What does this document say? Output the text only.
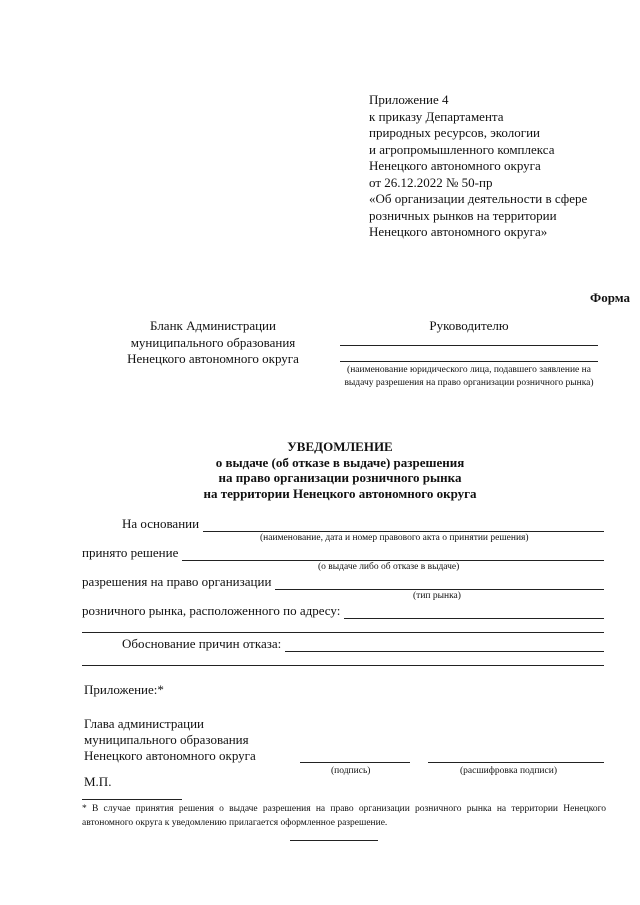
Приложение 4
к приказу Департамента
природных ресурсов, экологии
и агропромышленного комплекса
Ненецкого автономного округа
от 26.12.2022 № 50-пр
«Об организации деятельности в сфере
розничных рынков на территории
Ненецкого автономного округа»
Форма
Бланк Администрации
муниципального образования
Ненецкого автономного округа
Руководителю
(наименование юридического лица, подавшего заявление на выдачу разрешения на право организации розничного рынка)
УВЕДОМЛЕНИЕ
о выдаче (об отказе в выдаче) разрешения
на право организации розничного рынка
на территории Ненецкого автономного округа
На основании
(наименование, дата и номер правового акта о принятии решения)
принято решение
(о выдаче либо об отказе в выдаче)
разрешения на право организации
(тип рынка)
розничного рынка, расположенного по адресу:
Обоснование причин отказа:
Приложение:*
Глава администрации
муниципального образования
Ненецкого автономного округа
(подпись)	(расшифровка подписи)
М.П.
* В случае принятия решения о выдаче разрешения на право организации розничного рынка на территории Ненецкого автономного округа к уведомлению прилагается оформленное разрешение.
